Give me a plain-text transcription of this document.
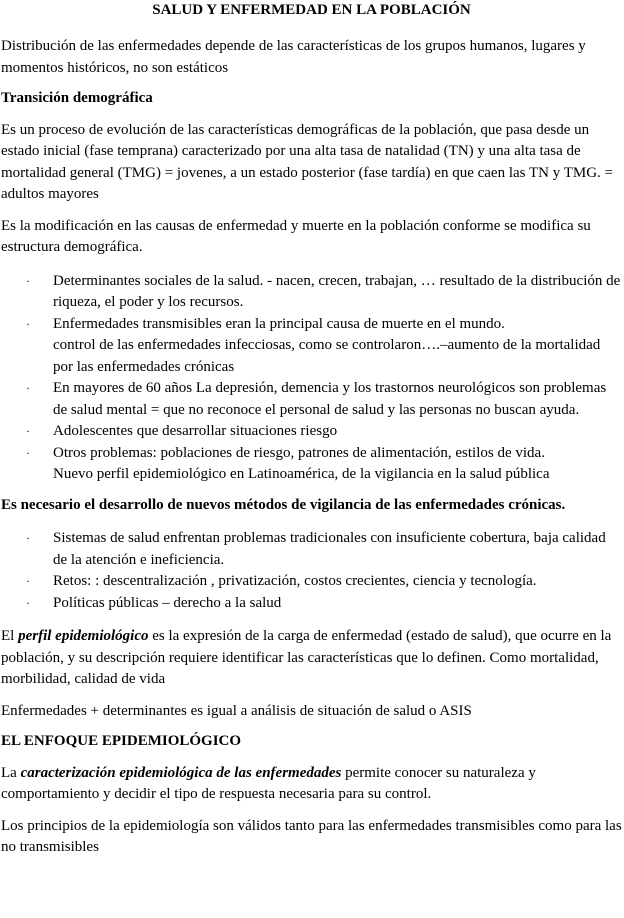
SALUD Y ENFERMEDAD EN LA POBLACIÓN

Distribución de las enfermedades depende de las características de los grupos humanos, lugares y momentos históricos, no son estáticos

Transición demográfica

Es un proceso de evolución de las características demográficas de la población, que pasa desde un estado inicial (fase temprana) caracterizado por una alta tasa de natalidad (TN) y una alta tasa de mortalidad general (TMG) = jovenes, a un estado posterior (fase tardía) en que caen las TN y TMG. = adultos mayores

Es la modificación en las causas de enfermedad y muerte en la población conforme se modifica su estructura demográfica.

· Determinantes sociales de la salud. - nacen, crecen, trabajan, … resultado de la distribución de riqueza, el poder y los recursos.
· Enfermedades transmisibles eran la principal causa de muerte en el mundo.
control de las enfermedades infecciosas, como se controlaron….–aumento de la mortalidad por las enfermedades crónicas
· En mayores de 60 años La depresión, demencia y los trastornos neurológicos son problemas de salud mental = que no reconoce el personal de salud y las personas no buscan ayuda.
· Adolescentes que desarrollar situaciones riesgo
· Otros problemas: poblaciones de riesgo, patrones de alimentación, estilos de vida.
Nuevo perfil epidemiológico en Latinoamérica, de la vigilancia en la salud pública

Es necesario el desarrollo de nuevos métodos de vigilancia de las enfermedades crónicas.

· Sistemas de salud enfrentan problemas tradicionales con insuficiente cobertura, baja calidad de la atención e ineficiencia.
· Retos: : descentralización , privatización, costos crecientes, ciencia y tecnología.
· Políticas públicas – derecho a la salud

El perfil epidemiológico es la expresión de la carga de enfermedad (estado de salud), que ocurre en la población, y su descripción requiere identificar las características que lo definen. Como mortalidad, morbilidad, calidad de vida

Enfermedades + determinantes es igual a análisis de situación de salud o ASIS

EL ENFOQUE EPIDEMIOLÓGICO

La caracterización epidemiológica de las enfermedades permite conocer su naturaleza y comportamiento y decidir el tipo de respuesta necesaria para su control.

Los principios de la epidemiología son válidos tanto para las enfermedades transmisibles como para las no transmisibles
